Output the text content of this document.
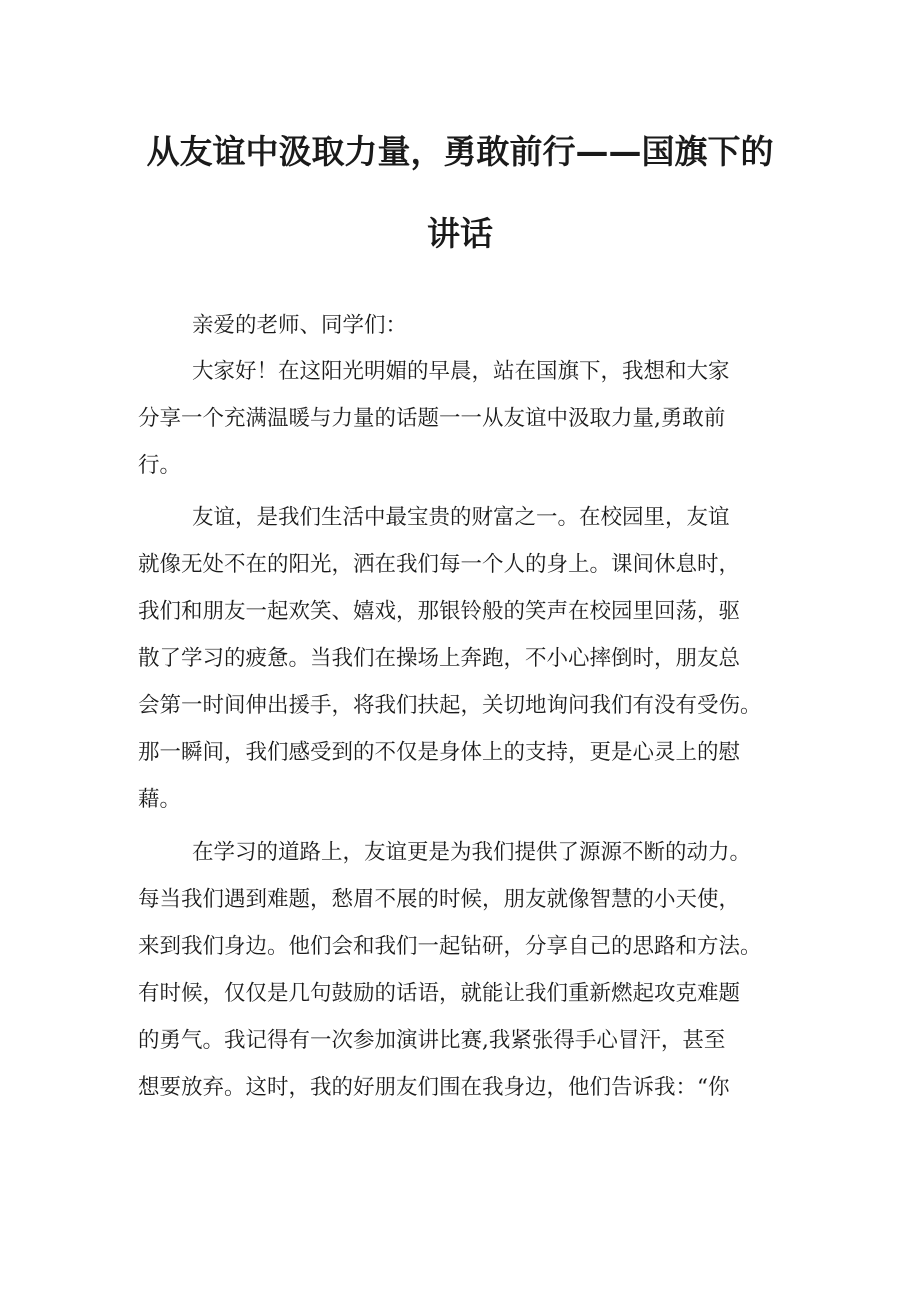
从友谊中汲取力量，勇敢前行——国旗下的
讲话
亲爱的老师、同学们：
大家好！在这阳光明媚的早晨，站在国旗下，我想和大家
分享一个充满温暖与力量的话题一一从友谊中汲取力量,勇敢前
行。
友谊，是我们生活中最宝贵的财富之一。在校园里，友谊
就像无处不在的阳光，洒在我们每一个人的身上。课间休息时，
我们和朋友一起欢笑、嬉戏，那银铃般的笑声在校园里回荡，驱
散了学习的疲惫。当我们在操场上奔跑，不小心摔倒时，朋友总
会第一时间伸出援手，将我们扶起，关切地询问我们有没有受伤。
那一瞬间，我们感受到的不仅是身体上的支持，更是心灵上的慰
藉。
在学习的道路上，友谊更是为我们提供了源源不断的动力。
每当我们遇到难题，愁眉不展的时候，朋友就像智慧的小天使，
来到我们身边。他们会和我们一起钻研，分享自己的思路和方法。
有时候，仅仅是几句鼓励的话语，就能让我们重新燃起攻克难题
的勇气。我记得有一次参加演讲比赛,我紧张得手心冒汗，甚至
想要放弃。这时，我的好朋友们围在我身边，他们告诉我：“你
